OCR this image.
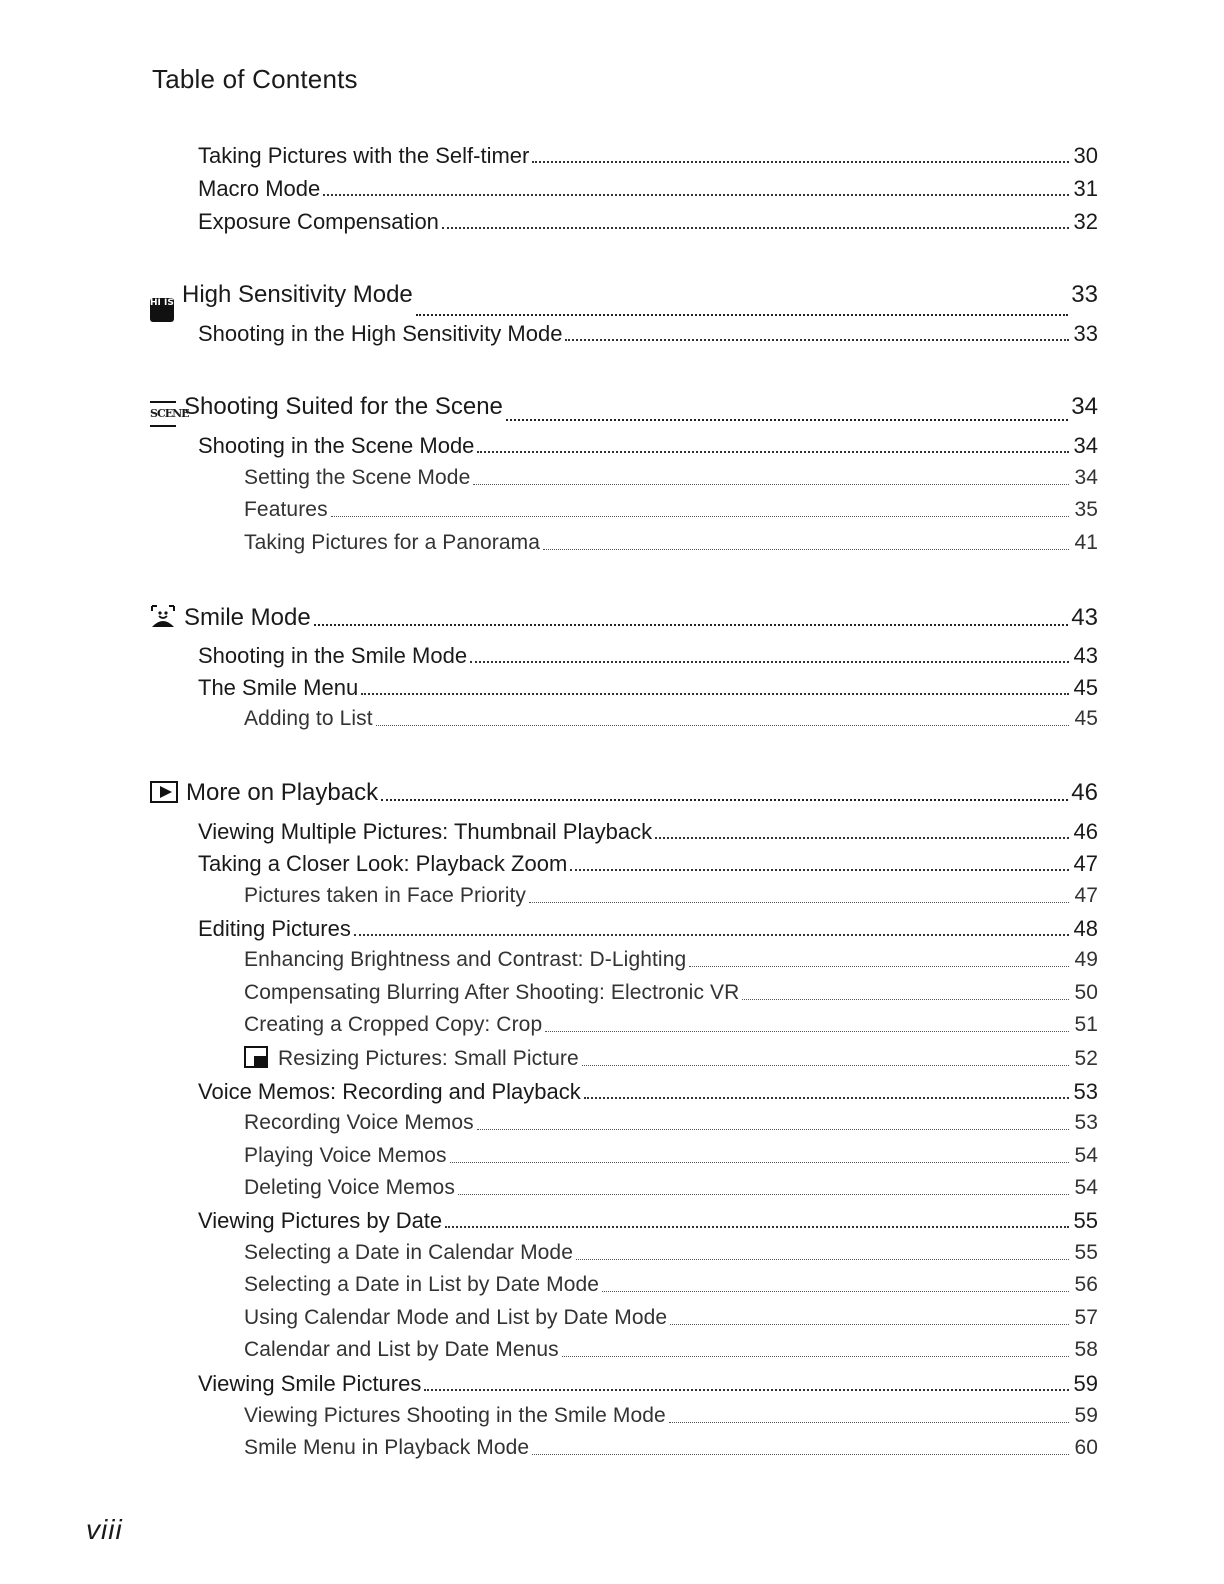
Table of Contents
Taking Pictures with the Self-timer	30
Macro Mode	31
Exposure Compensation	32
HI ISOHigh Sensitivity Mode	33
Shooting in the High Sensitivity Mode	33
SCENEShooting Suited for the Scene	34
Shooting in the Scene Mode	34
Setting the Scene Mode	34
Features	35
Taking Pictures for a Panorama	41
Smile Mode	43
Shooting in the Smile Mode	43
The Smile Menu	45
Adding to List	45
More on Playback	46
Viewing Multiple Pictures: Thumbnail Playback	46
Taking a Closer Look: Playback Zoom	47
Pictures taken in Face Priority	47
Editing Pictures	48
Enhancing Brightness and Contrast: D-Lighting	49
Compensating Blurring After Shooting: Electronic VR	50
Creating a Cropped Copy: Crop	51
Resizing Pictures: Small Picture	52
Voice Memos: Recording and Playback	53
Recording Voice Memos	53
Playing Voice Memos	54
Deleting Voice Memos	54
Viewing Pictures by Date	55
Selecting a Date in Calendar Mode	55
Selecting a Date in List by Date Mode	56
Using Calendar Mode and List by Date Mode	57
Calendar and List by Date Menus	58
Viewing Smile Pictures	59
Viewing Pictures Shooting in the Smile Mode	59
Smile Menu in Playback Mode	60
viii
